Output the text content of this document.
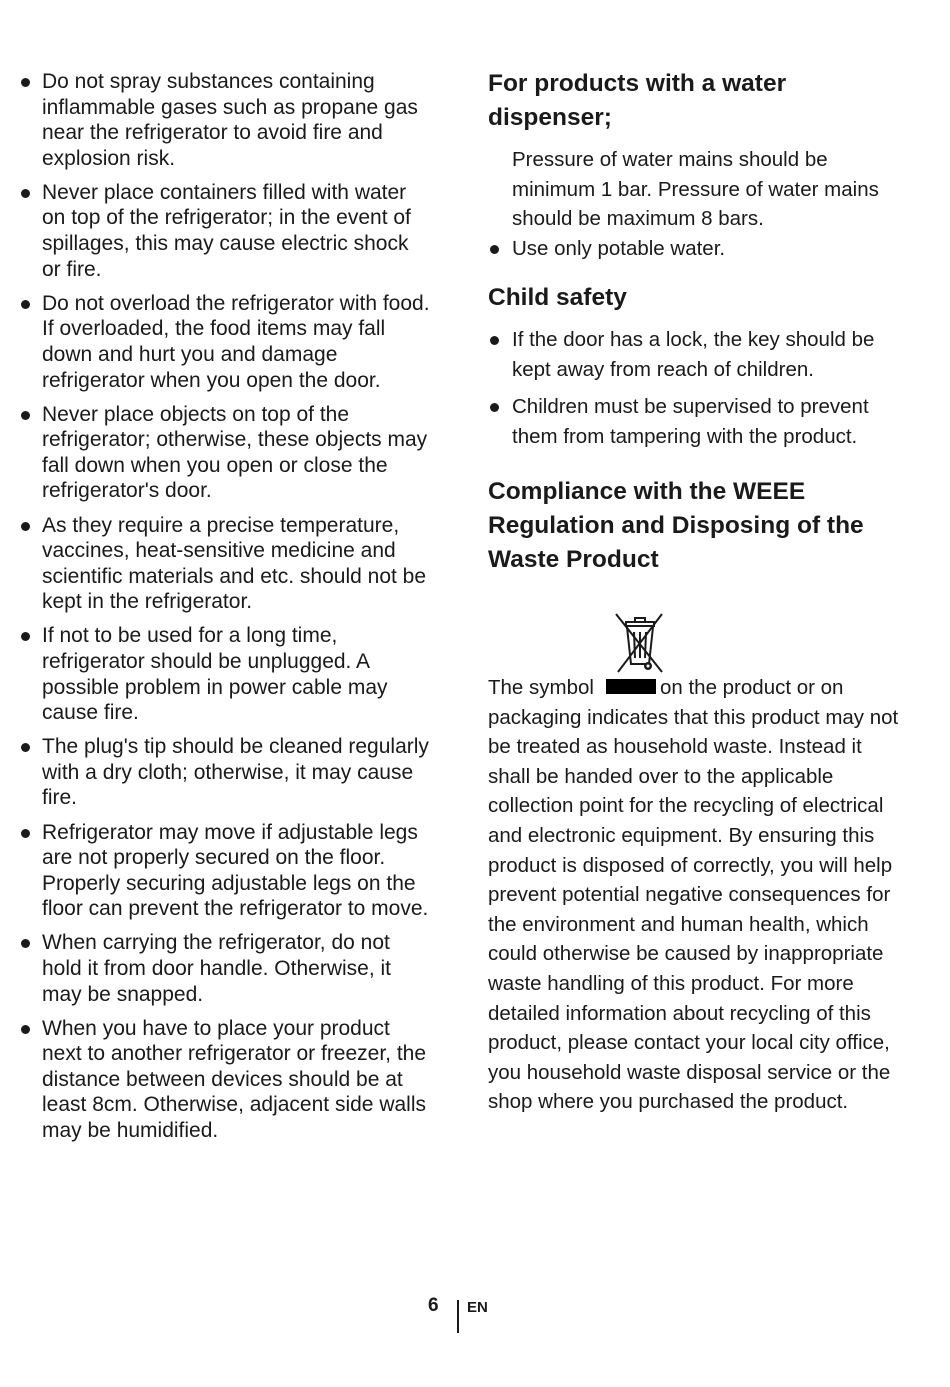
Do not spray substances containing inflammable gases such as propane gas near the refrigerator to avoid fire and explosion risk.
Never place containers filled with water on top of the refrigerator; in the event of spillages, this may cause electric shock or fire.
Do not overload the refrigerator with food. If overloaded, the food items may fall down and hurt you and damage refrigerator when you open the door.
Never place objects on top of the refrigerator; otherwise, these objects may fall down when you open or close the refrigerator's door.
As they require a precise temperature, vaccines, heat-sensitive medicine and scientific materials and etc. should not be kept in the refrigerator.
If not to be used for a long time, refrigerator should be unplugged. A possible problem in power cable may cause fire.
The plug's tip should be cleaned regularly with a dry cloth; otherwise, it may cause fire.
Refrigerator may move if adjustable legs are not properly secured on the floor. Properly securing adjustable legs on the floor can prevent the refrigerator to move.
When carrying the refrigerator, do not hold it from door handle. Otherwise, it may be snapped.
When you have to place your product next to another refrigerator or freezer, the distance between devices should be at least 8cm. Otherwise, adjacent side walls may be humidified.
For products with a water dispenser;

Pressure of water mains should be minimum 1 bar. Pressure of water mains should be maximum 8 bars.

Use only potable water.
Child safety
If the door has a lock, the key should be kept away from reach of children.
Children must be supervised to prevent them from tampering with the product.
Compliance with the WEEE Regulation and Disposing of the Waste Product

The symbol	on the product or on packaging indicates that this product may not be treated as household waste. Instead it shall be handed over to the applicable collection point for the recycling of electrical and electronic equipment. By ensuring this product is disposed of correctly, you will help prevent potential negative consequences for the environment and human health, which could otherwise be caused by inappropriate waste handling of this product. For more detailed information about recycling of this product, please contact your local city office, you household waste disposal service or the shop where you purchased the product.

6 EN
